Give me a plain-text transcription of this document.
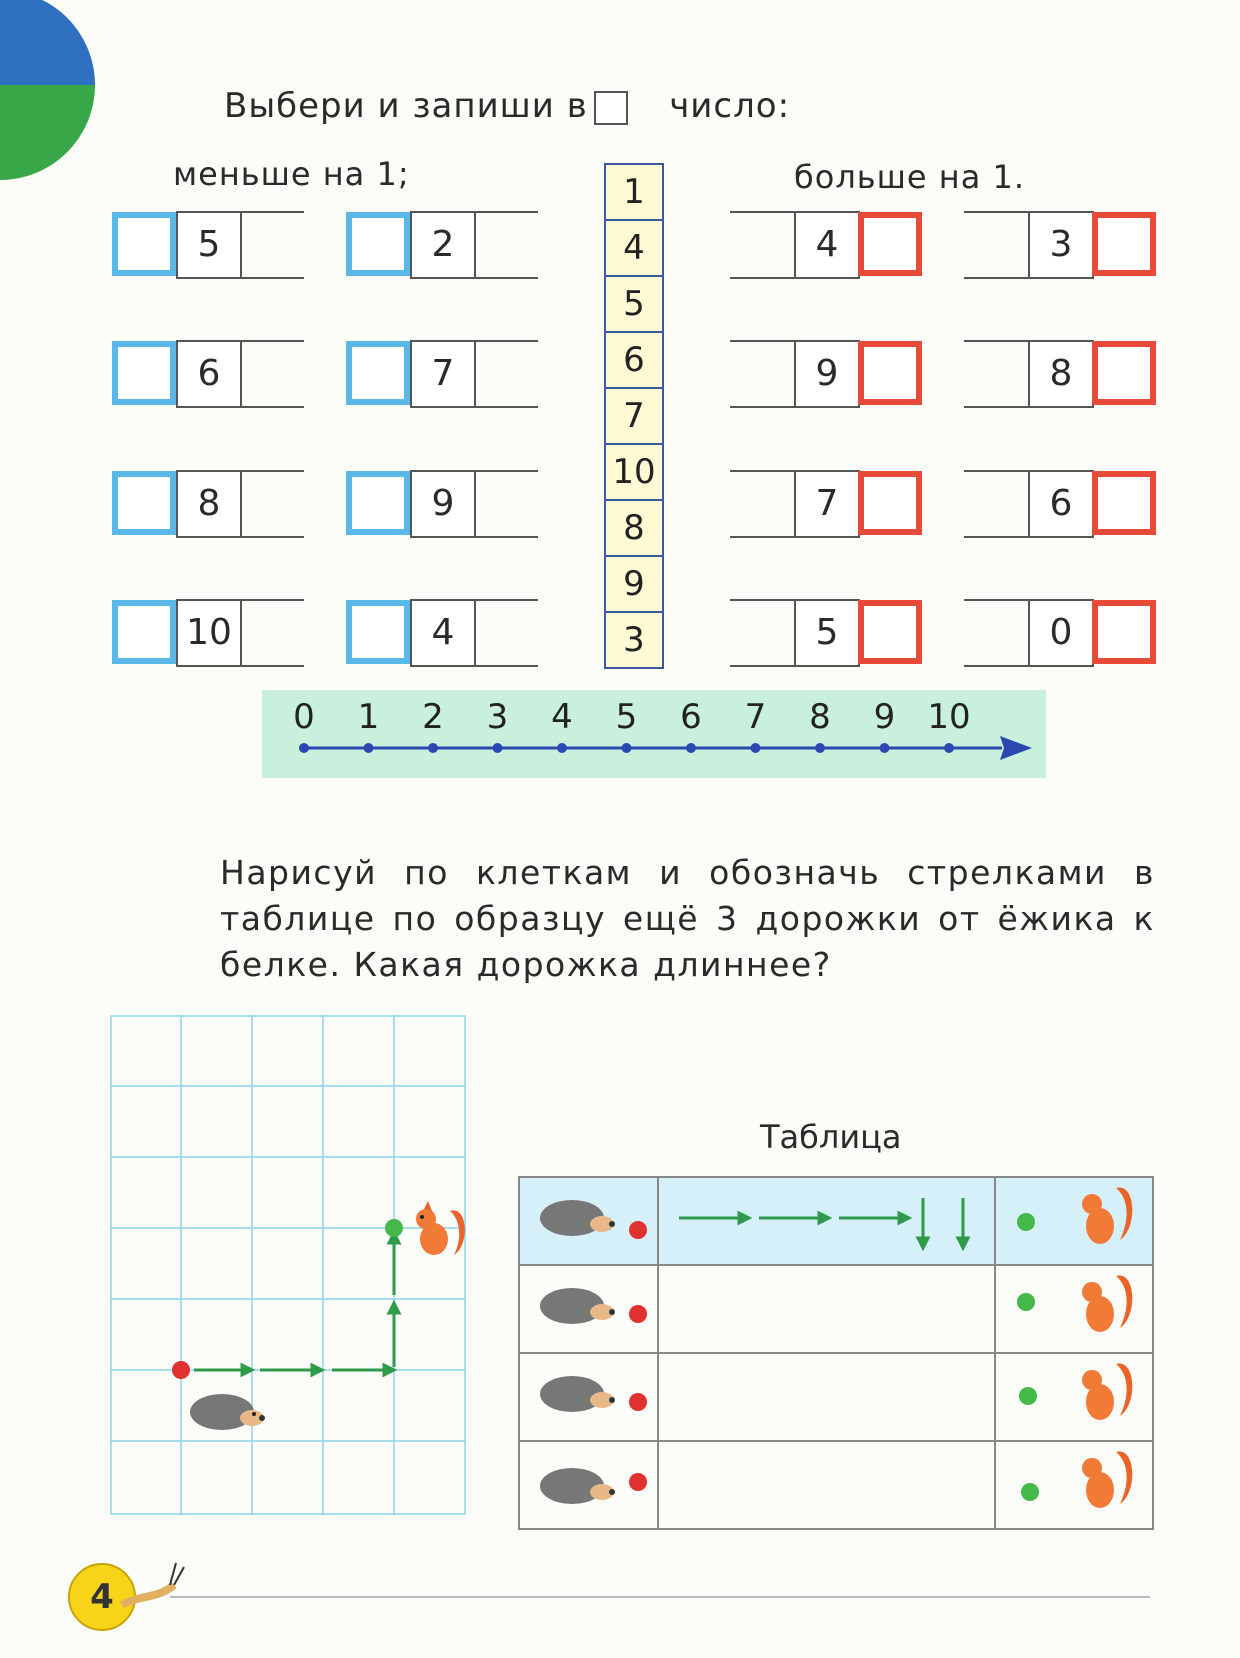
Выбери и запиши в число:
меньше на 1;	больше на 1.
5
6
8
10
2
7
9
4
4
9
7
5
3
8
6
0
1
4
5
6
7
10
8
9
3
0 1 2 3 4 5 6 7 8 9 10
Нарисуй по клеткам и обозначь стрелками в таблице по образцу ещё 3 дорожки от ёжика к белке. Какая дорожка длиннее?
Таблица

4
